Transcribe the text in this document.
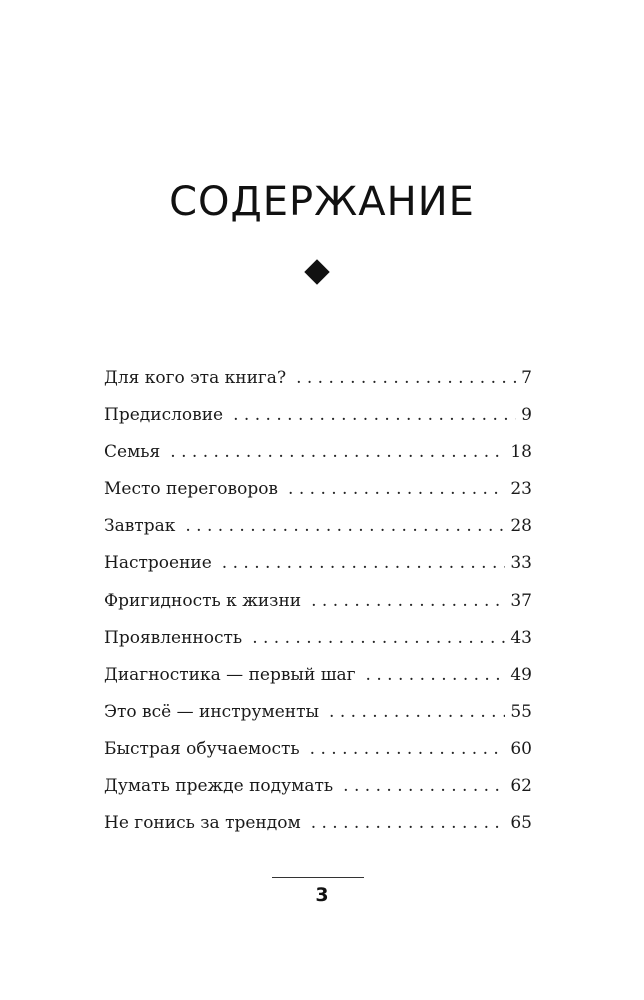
СОДЕРЖАНИЕ
Для кого эта книга? . . .	7
Предисловие . . .	9
Семья . . .	18
Место переговоров . . .	23
Завтрак . . .	28
Настроение . . .	33
Фригидность к жизни . . .	37
Проявленность . . .	43
Диагностика — первый шаг . . .	49
Это всё — инструменты . . .	55
Быстрая обучаемость . . .	60
Думать прежде подумать . . .	62
Не гонись за трендом . . .	65
3
